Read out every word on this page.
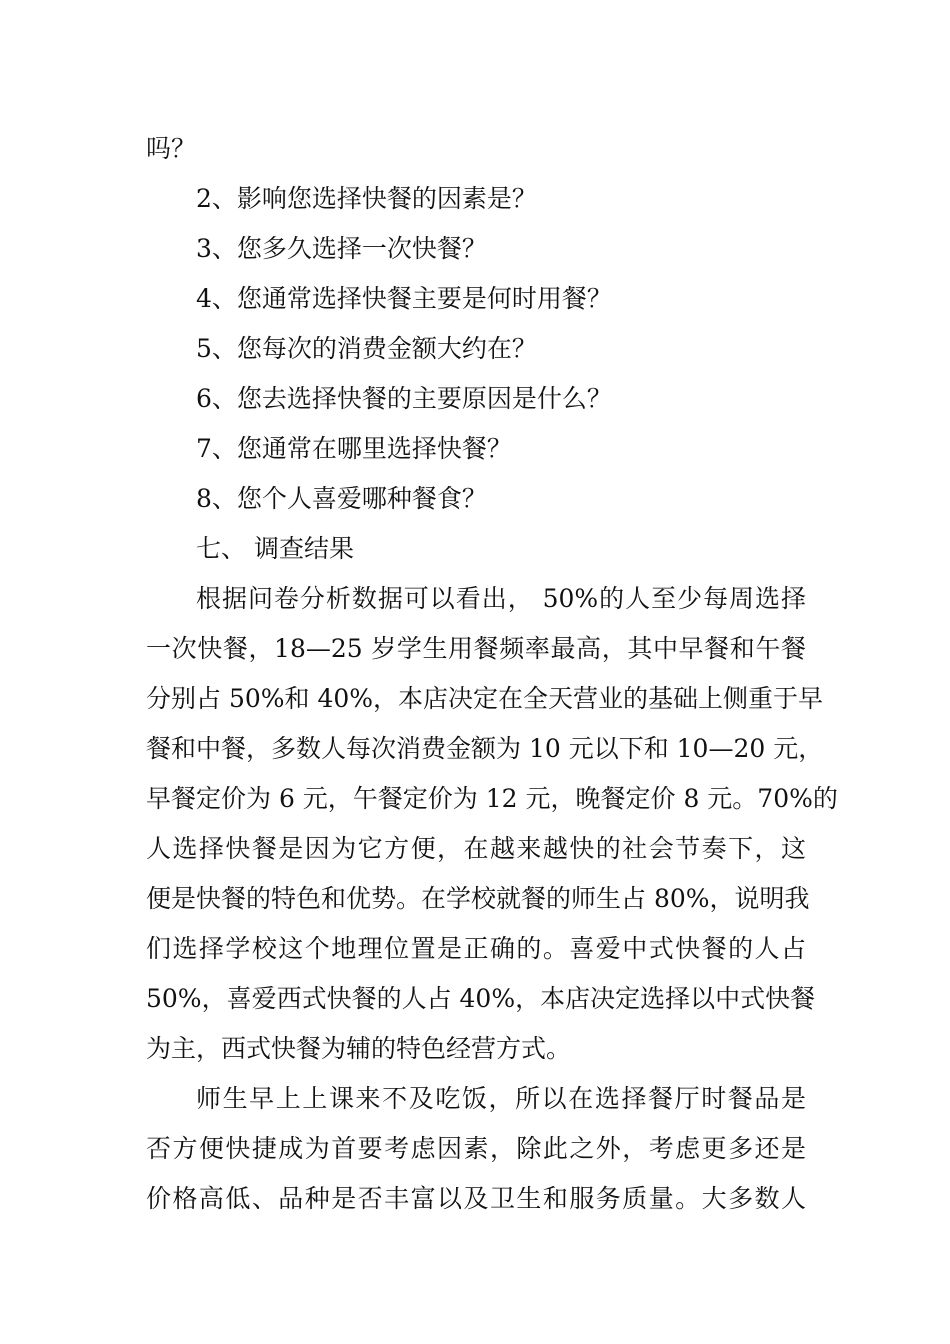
吗？
2、影响您选择快餐的因素是？
3、您多久选择一次快餐？
4、您通常选择快餐主要是何时用餐？
5、您每次的消费金额大约在？
6、您去选择快餐的主要原因是什么？
7、您通常在哪里选择快餐？
8、您个人喜爱哪种餐食？
七、 调查结果
根据问卷分析数据可以看出， 50%的人至少每周选择
一次快餐，18—25 岁学生用餐频率最高，其中早餐和午餐
分别占 50%和 40%，本店决定在全天营业的基础上侧重于早
餐和中餐，多数人每次消费金额为 10 元以下和 10—20 元，
早餐定价为 6 元，午餐定价为 12 元，晚餐定价 8 元。70%的
人选择快餐是因为它方便，在越来越快的社会节奏下，这
便是快餐的特色和优势。在学校就餐的师生占 80%，说明我
们选择学校这个地理位置是正确的。喜爱中式快餐的人占
50%，喜爱西式快餐的人占 40%，本店决定选择以中式快餐
为主，西式快餐为辅的特色经营方式。
师生早上上课来不及吃饭，所以在选择餐厅时餐品是
否方便快捷成为首要考虑因素，除此之外，考虑更多还是
价格高低、品种是否丰富以及卫生和服务质量。大多数人
